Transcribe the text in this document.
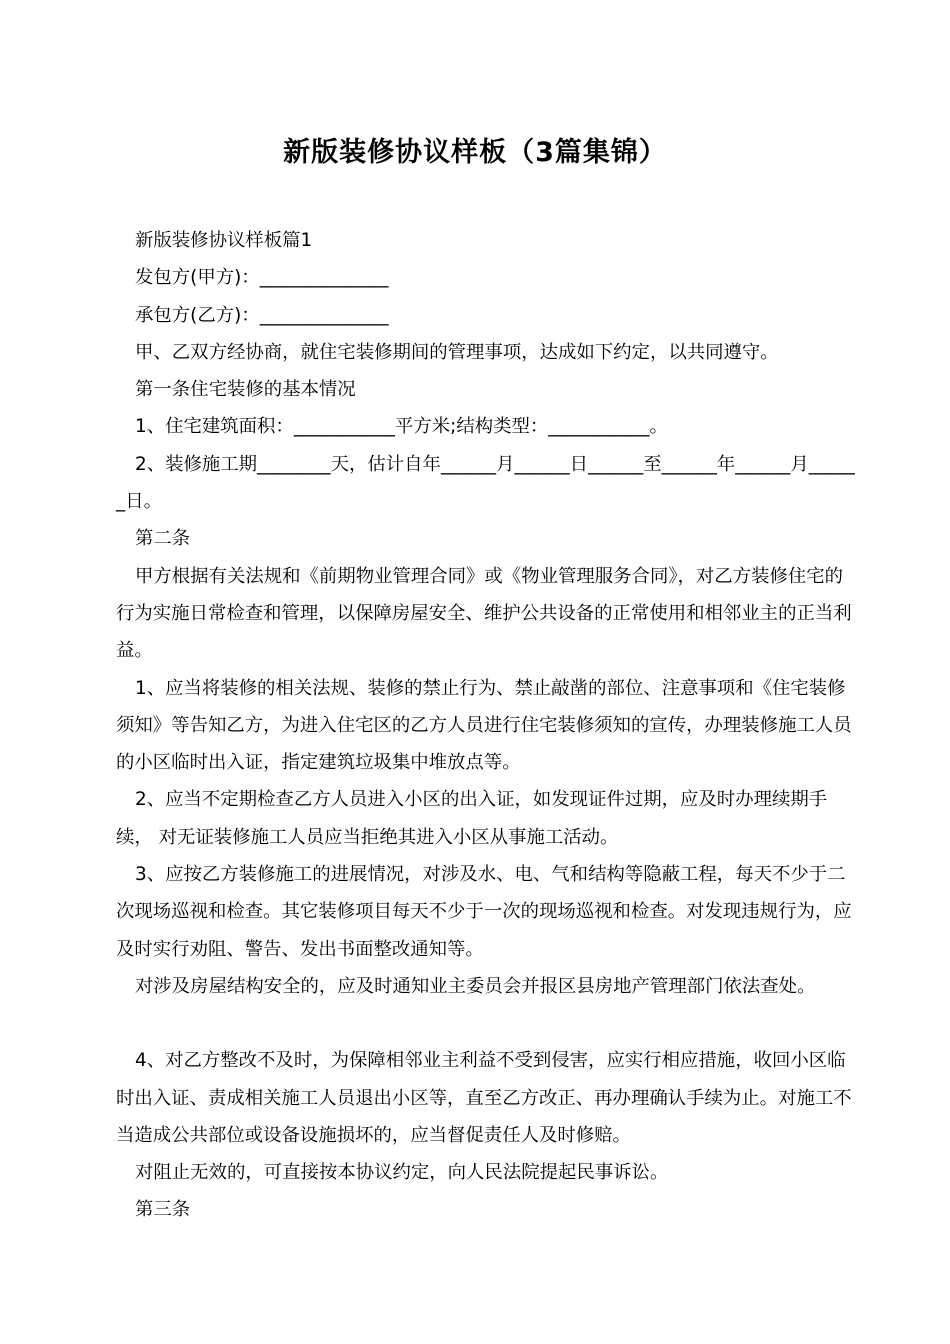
新版装修协议样板（3篇集锦）

新版装修协议样板篇1

发包方(甲方)：______________

承包方(乙方)：______________

甲、乙双方经协商，就住宅装修期间的管理事项，达成如下约定，以共同遵守。

第一条住宅装修的基本情况

1、住宅建筑面积：___________平方米;结构类型：___________。

2、装修施工期________天，估计自年______月______日______至______年______月______日。

第二条

甲方根据有关法规和《前期物业管理合同》或《物业管理服务合同》，对乙方装修住宅的行为实施日常检查和管理，以保障房屋安全、维护公共设备的正常使用和相邻业主的正当利益。

1、应当将装修的相关法规、装修的禁止行为、禁止敲凿的部位、注意事项和《住宅装修须知》等告知乙方，为进入住宅区的乙方人员进行住宅装修须知的宣传，办理装修施工人员的小区临时出入证，指定建筑垃圾集中堆放点等。

2、应当不定期检查乙方人员进入小区的出入证，如发现证件过期，应及时办理续期手续， 对无证装修施工人员应当拒绝其进入小区从事施工活动。

3、应按乙方装修施工的进展情况，对涉及水、电、气和结构等隐蔽工程，每天不少于二次现场巡视和检查。其它装修项目每天不少于一次的现场巡视和检查。对发现违规行为，应及时实行劝阻、警告、发出书面整改通知等。

对涉及房屋结构安全的，应及时通知业主委员会并报区县房地产管理部门依法查处。

4、对乙方整改不及时，为保障相邻业主利益不受到侵害，应实行相应措施，收回小区临时出入证、责成相关施工人员退出小区等，直至乙方改正、再办理确认手续为止。对施工不当造成公共部位或设备设施损坏的，应当督促责任人及时修赔。

对阻止无效的，可直接按本协议约定，向人民法院提起民事诉讼。

第三条
